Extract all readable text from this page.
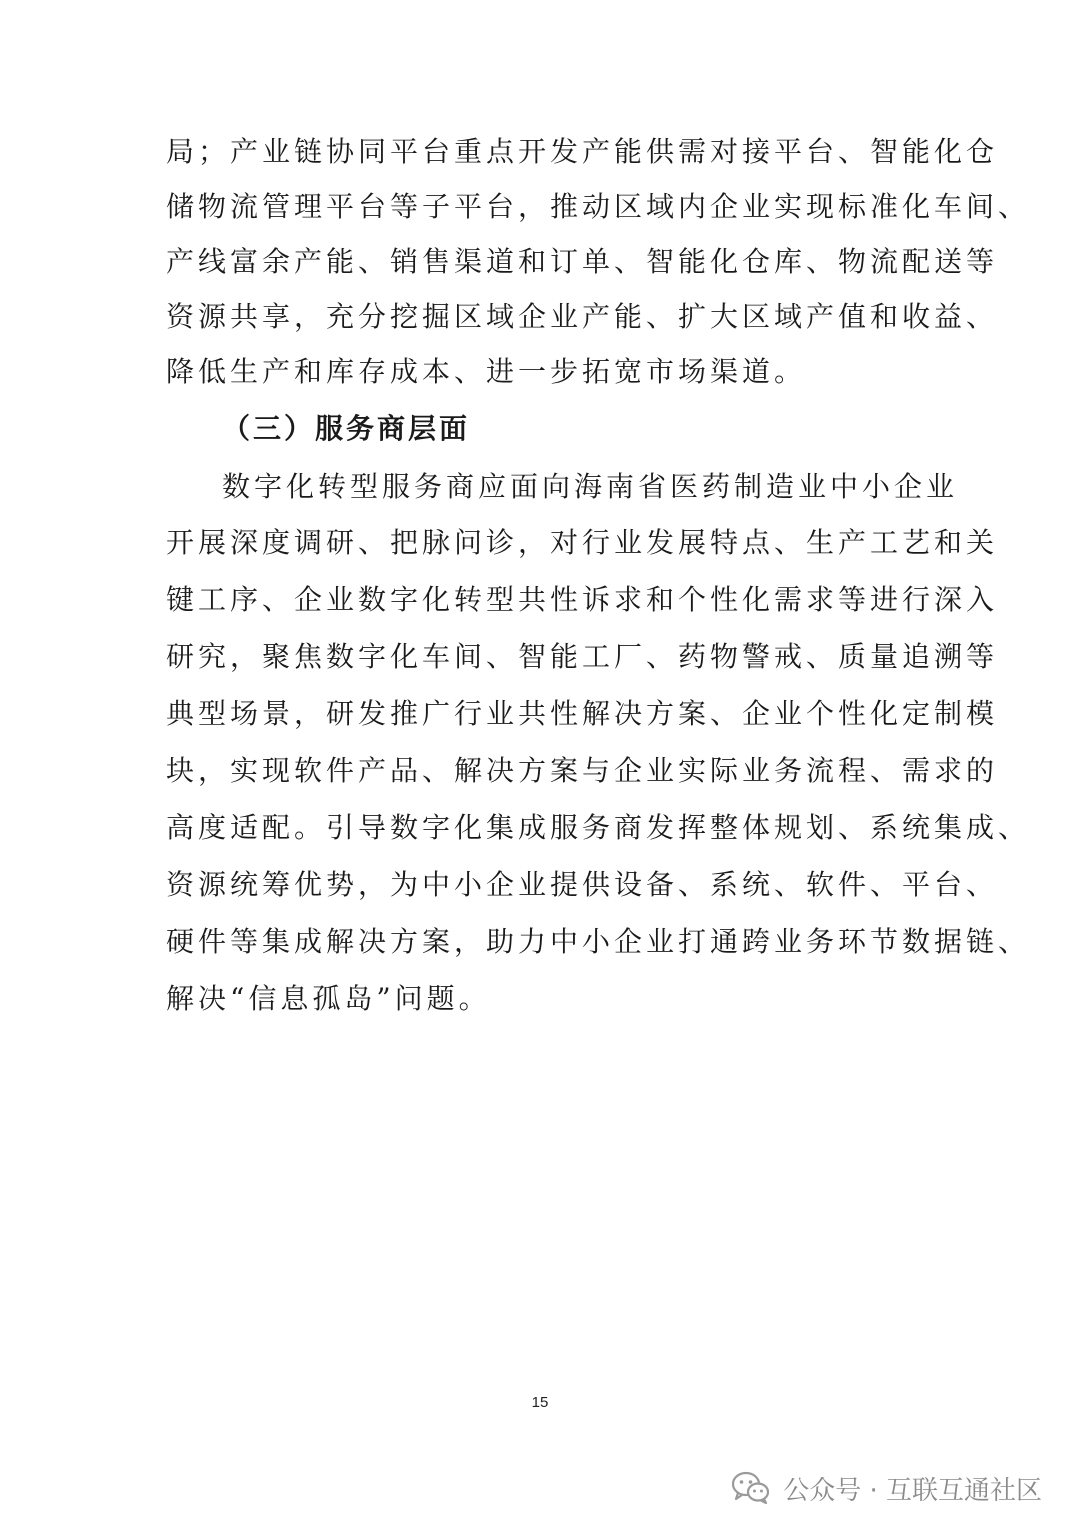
局；产业链协同平台重点开发产能供需对接平台、智能化仓
储物流管理平台等子平台，推动区域内企业实现标准化车间、
产线富余产能、销售渠道和订单、智能化仓库、物流配送等
资源共享，充分挖掘区域企业产能、扩大区域产值和收益、
降低生产和库存成本、进一步拓宽市场渠道。
（三）服务商层面
数字化转型服务商应面向海南省医药制造业中小企业
开展深度调研、把脉问诊，对行业发展特点、生产工艺和关
键工序、企业数字化转型共性诉求和个性化需求等进行深入
研究，聚焦数字化车间、智能工厂、药物警戒、质量追溯等
典型场景，研发推广行业共性解决方案、企业个性化定制模
块，实现软件产品、解决方案与企业实际业务流程、需求的
高度适配。引导数字化集成服务商发挥整体规划、系统集成、
资源统筹优势，为中小企业提供设备、系统、软件、平台、
硬件等集成解决方案，助力中小企业打通跨业务环节数据链、
解决“信息孤岛”问题。
15
公众号 · 互联互通社区
